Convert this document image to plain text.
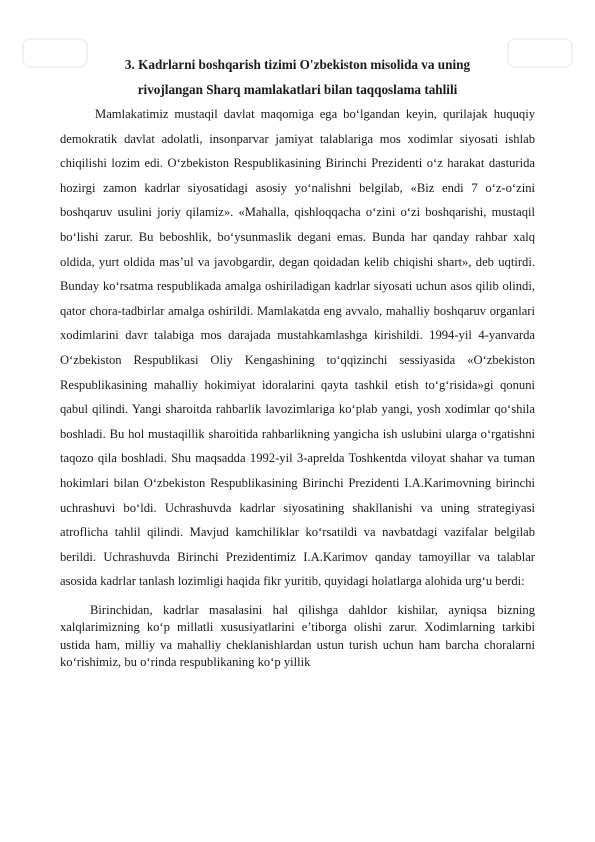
3. Kadrlarni boshqarish tizimi O'zbekiston misolida va uning
rivojlangan Sharq mamlakatlari bilan taqqoslama tahlili

Mamlakatimiz mustaqil davlat maqomiga ega bo‘lgandan keyin, qurilajak huquqiy demokratik davlat adolatli, insonparvar jamiyat talablariga mos xodimlar siyosati ishlab chiqilishi lozim edi. O‘zbekiston Respublikasining Birinchi Prezidenti o‘z harakat dasturida hozirgi zamon kadrlar siyosatidagi asosiy yo‘nalishni belgilab, «Biz endi 7 o‘z-o‘zini boshqaruv usulini joriy qilamiz». «Mahalla, qishloqqacha o‘zini o‘zi boshqarishi, mustaqil bo‘lishi zarur. Bu beboshlik, bo‘ysunmaslik degani emas. Bunda har qanday rahbar xalq oldida, yurt oldida mas’ul va javobgardir, degan qoidadan kelib chiqishi shart», deb uqtirdi. Bunday ko‘rsatma respublikada amalga oshiriladigan kadrlar siyosati uchun asos qilib olindi, qator chora-tadbirlar amalga oshirildi. Mamlakatda eng avvalo, mahalliy boshqaruv organlari xodimlarini davr talabiga mos darajada mustahkamlashga kirishildi. 1994-yil 4-yanvarda O‘zbekiston Respublikasi Oliy Kengashining to‘qqizinchi sessiyasida «O‘zbekiston Respublikasining mahalliy hokimiyat idoralarini qayta tashkil etish to‘g‘risida»gi qonuni qabul qilindi. Yangi sharoitda rahbarlik lavozimlariga ko‘plab yangi, yosh xodimlar qo‘shila boshladi. Bu hol mustaqillik sharoitida rahbarlikning yangicha ish uslubini ularga o‘rgatishni taqozo qila boshladi. Shu maqsadda 1992-yil 3-aprelda Toshkentda viloyat shahar va tuman hokimlari bilan O‘zbekiston Respublikasining Birinchi Prezidenti I.A.Karimovning birinchi uchrashuvi bo‘ldi. Uchrashuvda kadrlar siyosatining shakllanishi va uning strategiyasi atroflicha tahlil qilindi. Mavjud kamchiliklar ko‘rsatildi va navbatdagi vazifalar belgilab berildi. Uchrashuvda Birinchi Prezidentimiz I.A.Karimov qanday tamoyillar va talablar asosida kadrlar tanlash lozimligi haqida fikr yuritib, quyidagi holatlarga alohida urg‘u berdi:

Birinchidan, kadrlar masalasini hal qilishga dahldor kishilar, ayniqsa bizning xalqlarimizning ko‘p millatli xususiyatlarini e’tiborga olishi zarur. Xodimlarning tarkibi ustida ham, milliy va mahalliy cheklanishlardan ustun turish uchun ham barcha choralarni ko‘rishimiz, bu o‘rinda respublikaning ko‘p yillik
